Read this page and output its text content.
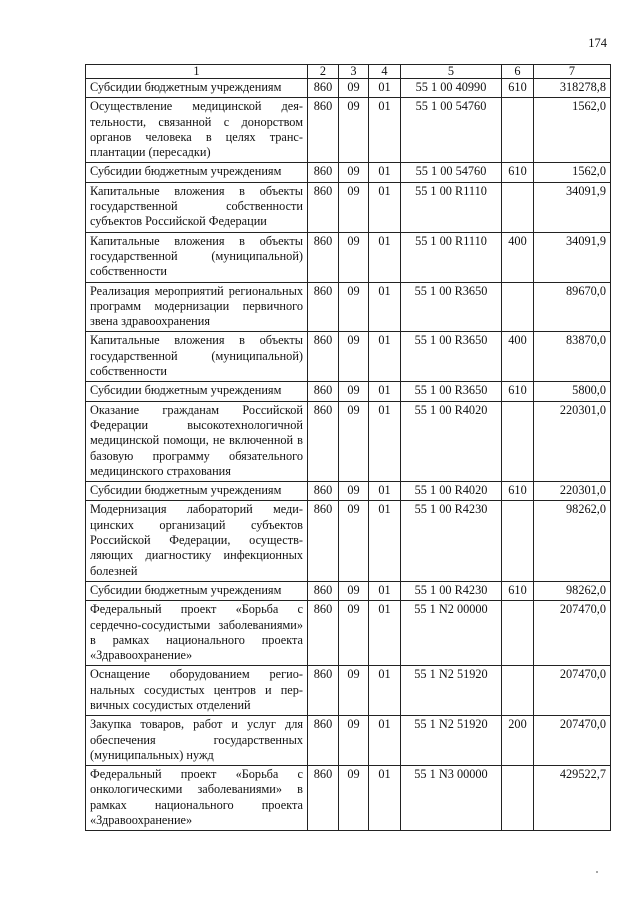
174
1	2	3	4	5	6	7
Субсидии бюджетным учреждениям	860	09	01	55 1 00 40990	610	318278,8
Осуществление медицинской деятельности, связанной с донорством органов человека в целях трансплантации (пересадки)	860	09	01	55 1 00 54760		1562,0
Субсидии бюджетным учреждениям	860	09	01	55 1 00 54760	610	1562,0
Капитальные вложения в объекты государственной собственности субъектов Российской Федерации	860	09	01	55 1 00 R1110		34091,9
Капитальные вложения в объекты государственной (муниципальной) собственности	860	09	01	55 1 00 R1110	400	34091,9
Реализация мероприятий региональных программ модернизации первичного звена здравоохранения	860	09	01	55 1 00 R3650		89670,0
Капитальные вложения в объекты государственной (муниципальной) собственности	860	09	01	55 1 00 R3650	400	83870,0
Субсидии бюджетным учреждениям	860	09	01	55 1 00 R3650	610	5800,0
Оказание гражданам Российской Федерации высокотехнологичной медицинской помощи, не включенной в базовую программу обязательного медицинского страхования	860	09	01	55 1 00 R4020		220301,0
Субсидии бюджетным учреждениям	860	09	01	55 1 00 R4020	610	220301,0
Модернизация лабораторий медицинских организаций субъектов Российской Федерации, осуществляющих диагностику инфекционных болезней	860	09	01	55 1 00 R4230		98262,0
Субсидии бюджетным учреждениям	860	09	01	55 1 00 R4230	610	98262,0
Федеральный проект «Борьба с сердечно-сосудистыми заболеваниями» в рамках национального проекта «Здравоохранение»	860	09	01	55 1 N2 00000		207470,0
Оснащение оборудованием региональных сосудистых центров и первичных сосудистых отделений	860	09	01	55 1 N2 51920		207470,0
Закупка товаров, работ и услуг для обеспечения государственных (муниципальных) нужд	860	09	01	55 1 N2 51920	200	207470,0
Федеральный проект «Борьба с онкологическими заболеваниями» в рамках национального проекта «Здравоохранение»	860	09	01	55 1 N3 00000		429522,7
